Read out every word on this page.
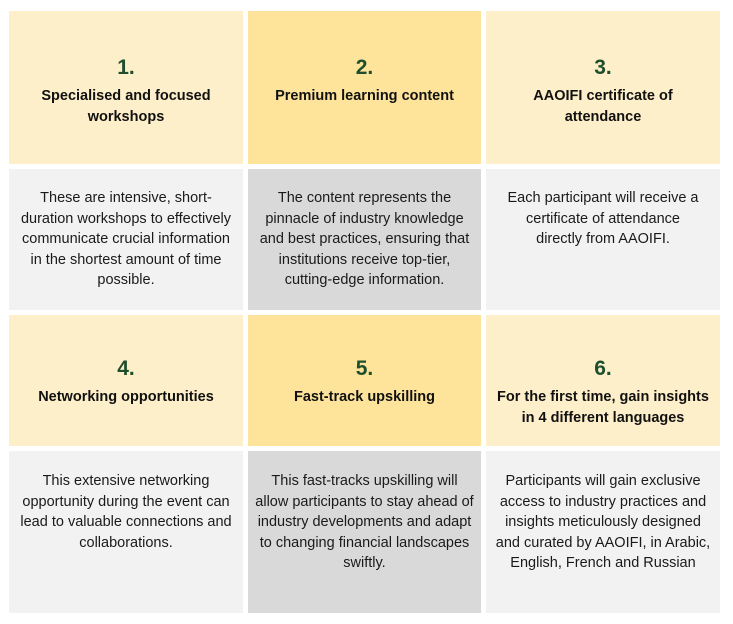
1.
Specialised and focused workshops
2.
Premium learning content
3.
AAOIFI certificate of attendance
These are intensive, short-duration workshops to effectively communicate crucial information in the shortest amount of time possible.
The content represents the pinnacle of industry knowledge and best practices, ensuring that institutions receive top-tier, cutting-edge information.
Each participant will receive a certificate of attendance directly from AAOIFI.
4.
Networking opportunities
5.
Fast-track upskilling
6.
For the first time, gain insights in 4 different languages
This extensive networking opportunity during the event can lead to valuable connections and collaborations.
This fast-tracks upskilling will allow participants to stay ahead of industry developments and adapt to changing financial landscapes swiftly.
Participants will gain exclusive access to industry practices and insights meticulously designed and curated by AAOIFI, in Arabic, English, French and Russian
